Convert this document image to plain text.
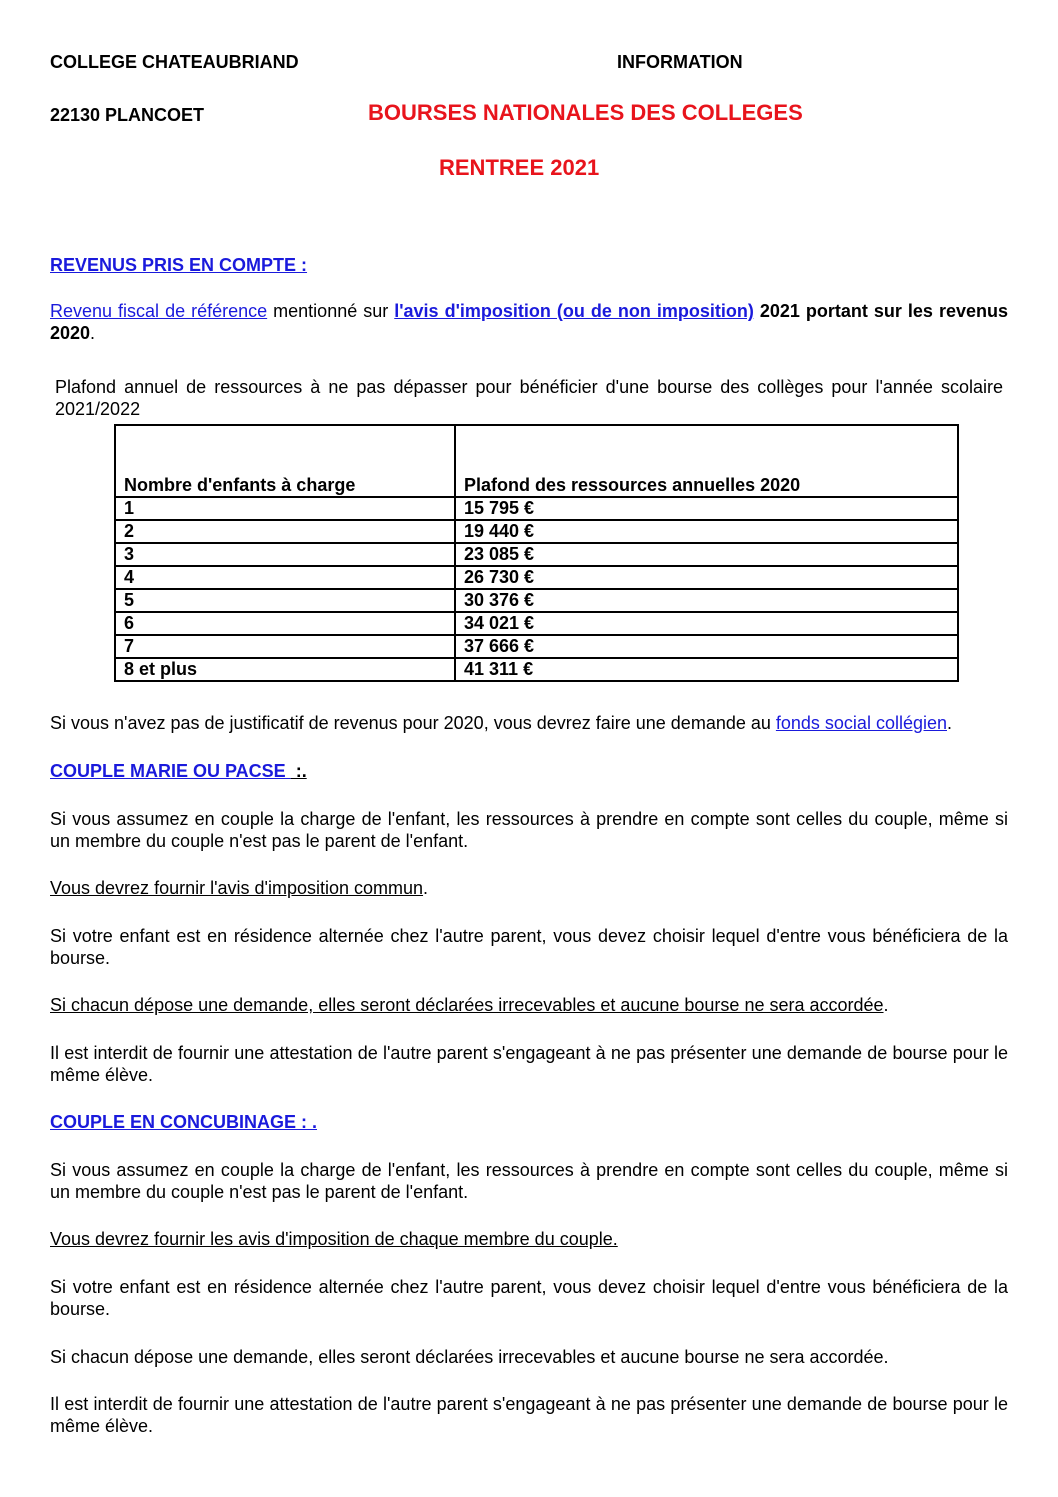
COLLEGE CHATEAUBRIAND	INFORMATION
22130 PLANCOET	BOURSES NATIONALES DES COLLEGES
RENTREE 2021
REVENUS PRIS EN COMPTE :
Revenu fiscal de référence mentionné sur l'avis d'imposition (ou de non imposition) 2021 portant sur les revenus 2020.
Plafond annuel de ressources à ne pas dépasser pour bénéficier d'une bourse des collèges pour l'année scolaire 2021/2022
Nombre d'enfants à charge	Plafond des ressources annuelles 2020
1	15 795 €
2	19 440 €
3	23 085 €
4	26 730 €
5	30 376 €
6	34 021 €
7	37 666 €
8 et plus	41 311 €
Si vous n'avez pas de justificatif de revenus pour 2020, vous devrez faire une demande au fonds social collégien.
COUPLE MARIE OU PACSE  :.
Si vous assumez en couple la charge de l'enfant, les ressources à prendre en compte sont celles du couple, même si un membre du couple n'est pas le parent de l'enfant.
Vous devrez fournir l'avis d'imposition commun.
Si votre enfant est en résidence alternée chez l'autre parent, vous devez choisir lequel d'entre vous bénéficiera de la bourse.
Si chacun dépose une demande, elles seront déclarées irrecevables et aucune bourse ne sera accordée.
Il est interdit de fournir une attestation de l'autre parent s'engageant à ne pas présenter une demande de bourse pour le même élève.
COUPLE EN CONCUBINAGE : .
Si vous assumez en couple la charge de l'enfant, les ressources à prendre en compte sont celles du couple, même si un membre du couple n'est pas le parent de l'enfant.
Vous devrez fournir les avis d'imposition de chaque membre du couple.
Si votre enfant est en résidence alternée chez l'autre parent, vous devez choisir lequel d'entre vous bénéficiera de la bourse.
Si chacun dépose une demande, elles seront déclarées irrecevables et aucune bourse ne sera accordée.
Il est interdit de fournir une attestation de l'autre parent s'engageant à ne pas présenter une demande de bourse pour le même élève.
